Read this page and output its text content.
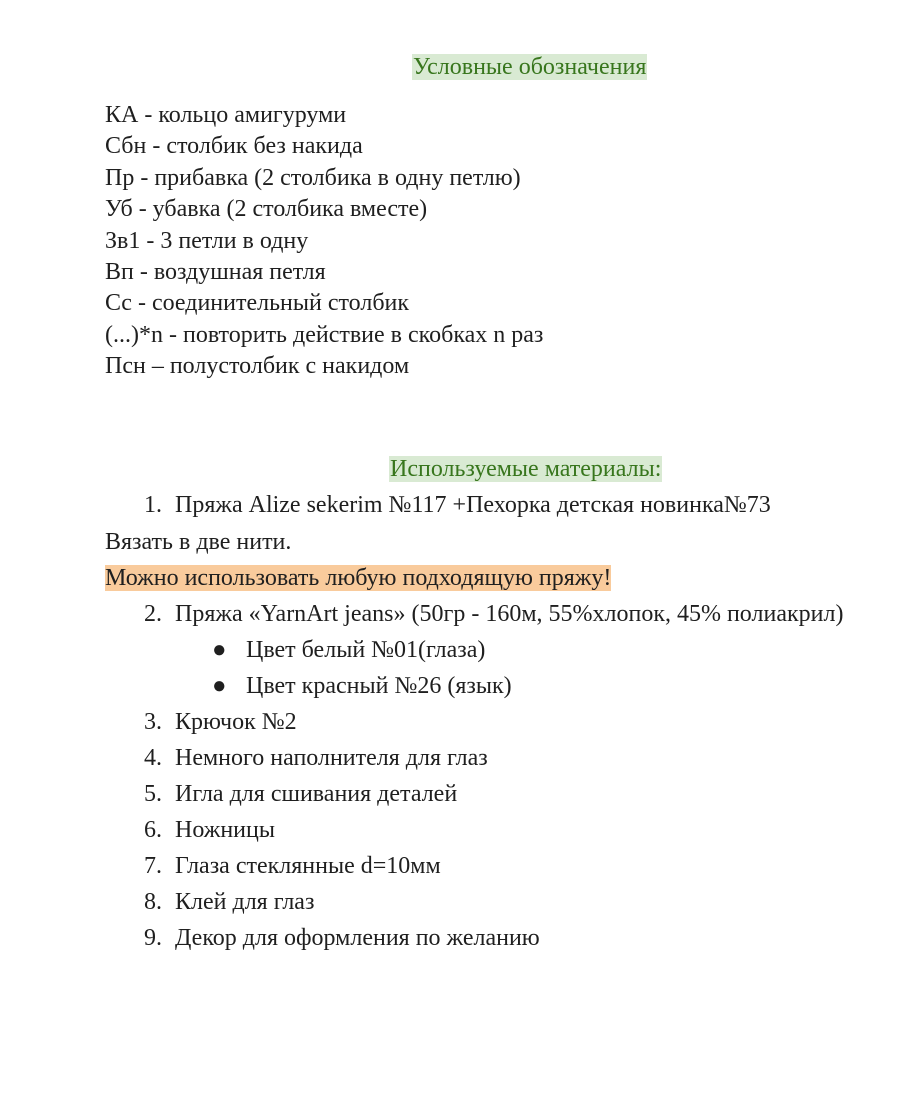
Условные обозначения
КА - кольцо амигуруми
Сбн - столбик без накида
Пр - прибавка (2 столбика в одну петлю)
Уб - убавка (2 столбика вместе)
Зв1 - 3 петли в одну
Вп - воздушная петля
Сс - соединительный столбик
(...)*n - повторить действие в скобках n раз
Псн – полустолбик с накидом
Используемые материалы:
1. Пряжа Alize sekerim №117 +Пехорка детская новинка№73
Вязать в две нити.
Можно использовать любую подходящую пряжу!
2. Пряжа «YarnArt jeans» (50гр - 160м, 55%хлопок, 45% полиакрил)
● Цвет белый №01(глаза)
● Цвет красный №26 (язык)
3. Крючок №2
4. Немного наполнителя для глаз
5. Игла для сшивания деталей
6. Ножницы
7. Глаза стеклянные d=10мм
8. Клей для глаз
9. Декор для оформления по желанию
